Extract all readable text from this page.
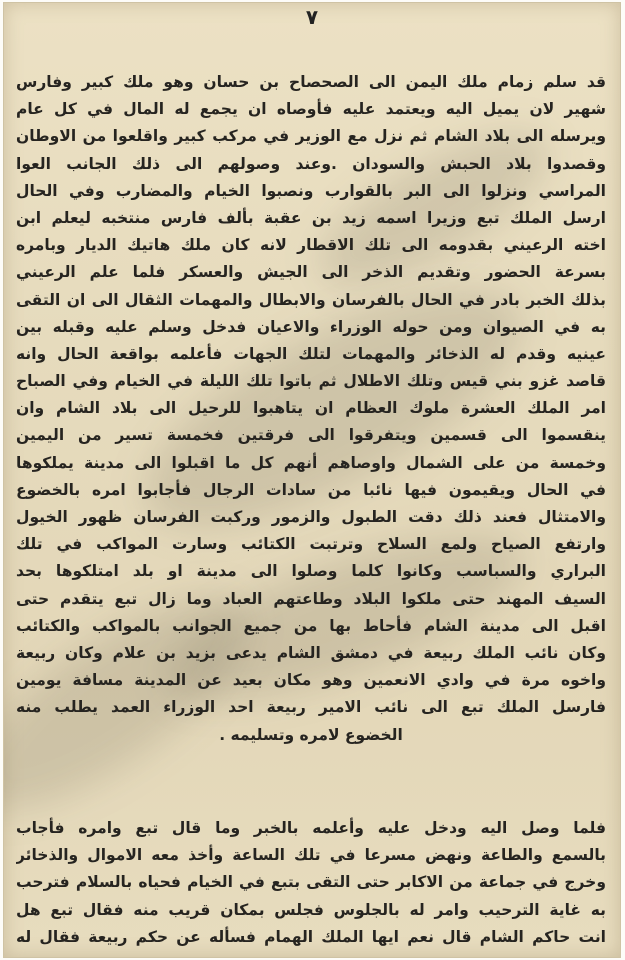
٧
قد سلم زمام ملك اليمن الى الصحصاح بن حسان وهو ملك كبير وفارس
شهير لان يميل اليه ويعتمد عليه فأوصاه ان يجمع له المال في كل عام
ويرسله الى بلاد الشام ثم نزل مع الوزير في مركب كبير واقلعوا من الاوطان
وقصدوا بلاد الحبش والسودان .وعند وصولهم الى ذلك الجانب العوا
المراسي ونزلوا الى البر بالقوارب ونصبوا الخيام والمضارب وفي الحال
ارسل الملك تبع وزيرا اسمه زيد بن عقبة بألف فارس منتخبه ليعلم ابن
اخته الرعيني بقدومه الى تلك الاقطار لانه كان ملك هاتيك الديار وبامره
بسرعة الحضور وتقديم الذخر الى الجيش والعسكر فلما علم الرعيني
بذلك الخبر بادر في الحال بالفرسان والابطال والمهمات الثقال الى ان التقى
به في الصيوان ومن حوله الوزراء والاعيان فدخل وسلم عليه وقبله بين
عينيه وقدم له الذخائر والمهمات لتلك الجهات فأعلمه بواقعة الحال وانه
قاصد غزو بني قيس وتلك الاطلال ثم باتوا تلك الليلة في الخيام وفي الصباح
امر الملك العشرة ملوك العظام ان يتاهبوا للرحيل الى بلاد الشام وان
ينقسموا الى قسمين ويتفرقوا الى فرقتين فخمسة تسير من اليمين
وخمسة من على الشمال واوصاهم أنهم كل ما اقبلوا الى مدينة يملكوها
في الحال ويقيمون فيها نائبا من سادات الرجال فأجابوا امره بالخضوع
والامتثال فعند ذلك دقت الطبول والزمور وركبت الفرسان ظهور الخيول
وارتفع الصياح ولمع السلاح وترتبت الكتائب وسارت المواكب في تلك
البراري والسباسب وكانوا كلما وصلوا الى مدينة او بلد امتلكوها بحد
السيف المهند حتى ملكوا البلاد وطاعتهم العباد وما زال تبع يتقدم حتى
اقبل الى مدينة الشام فأحاط بها من جميع الجوانب بالمواكب والكتائب
وكان نائب الملك ربيعة في دمشق الشام يدعى بزيد بن علام وكان ربيعة
واخوه مرة في وادي الانعمين وهو مكان بعيد عن المدينة مسافة يومين
فارسل الملك تبع الى نائب الامير ربيعة احد الوزراء العمد يطلب منه
الخضوع لامره وتسليمه .
فلما وصل اليه ودخل عليه وأعلمه بالخبر وما قال تبع وامره فأجاب
بالسمع والطاعة ونهض مسرعا في تلك الساعة وأخذ معه الاموال والذخائر
وخرج في جماعة من الاكابر حتى التقى بتبع في الخيام فحياه بالسلام فترحب
به غاية الترحيب وامر له بالجلوس فجلس بمكان قريب منه فقال تبع هل
انت حاكم الشام قال نعم ايها الملك الهمام فسأله عن حكم ربيعة فقال له
